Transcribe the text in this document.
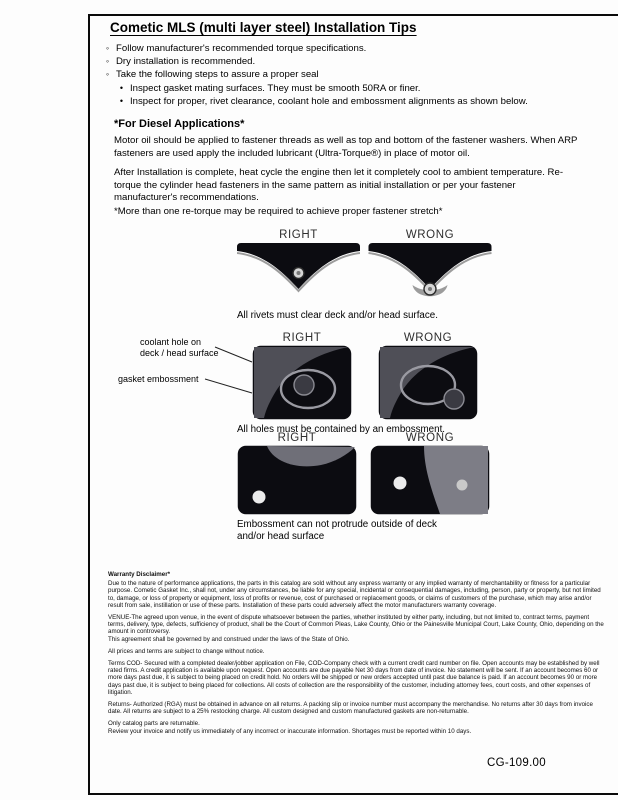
Cometic MLS (multi layer steel) Installation Tips
◦ Follow manufacturer's recommended torque specifications.
◦ Dry installation is recommended.
◦ Take the following steps to assure a proper seal
• Inspect gasket mating surfaces. They must be smooth 50RA or finer.
• Inspect for proper, rivet clearance, coolant hole and embossment alignments as shown below.
*For Diesel Applications*
Motor oil should be applied to fastener threads as well as top and bottom of the fastener washers. When ARP fasteners are used apply the included lubricant (Ultra-Torque®) in place of motor oil.
After Installation is complete, heat cycle the engine then let it completely cool to ambient temperature. Re-torque the cylinder head fasteners in the same pattern as initial installation or per your fastener manufacturer's recommendations.
*More than one re-torque may be required to achieve proper fastener stretch*
RIGHT	WRONG
All rivets must clear deck and/or head surface.
RIGHT	WRONG
coolant hole on
deck / head surface
gasket embossment
All holes must be contained by an embossment.
RIGHT	WRONG
Embossment can not protrude outside of deck
and/or head surface
Warranty Disclaimer*

Due to the nature of performance applications, the parts in this catalog are sold without any express warranty or any implied warranty of merchantability or fitness for a particular purpose. Cometic Gasket Inc., shall not, under any circumstances, be liable for any special, incidental or consequential damages, including, person, party or property, but not limited to, damage, or loss of property or equipment, loss of profits or revenue, cost of purchased or replacement goods, or claims of customers of the purchase, which may arise and/or result from sale, instillation or use of these parts. Installation of these parts could adversely affect the motor manufacturers warranty coverage.

VENUE-The agreed upon venue, in the event of dispute whatsoever between the parties, whether instituted by either party, including, but not limited to, contract terms, payment terms, delivery, type, defects, sufficiency of product, shall be the Court of Common Pleas, Lake County, Ohio or the Painesville Municipal Court, Lake County, Ohio, depending on the amount in controversy.

This agreement shall be governed by and construed under the laws of the State of Ohio.

All prices and terms are subject to change without notice.

Terms COD- Secured with a completed dealer/jobber application on File, COD-Company check with a current credit card number on file. Open accounts may be established by well rated firms. A credit application is available upon request. Open accounts are due payable Net 30 days from date of invoice. No statement will be sent. If an account becomes 60 or more days past due, it is subject to being placed on credit hold. No orders will be shipped or new orders accepted until past due balance is paid. If an account becomes 90 or more days past due, it is subject to being placed for collections. All costs of collection are the responsibility of the customer, including attorney fees, court costs, and other expenses of litigation.

Returns- Authorized (RGA) must be obtained in advance on all returns. A packing slip or invoice number must accompany the merchandise. No returns after 30 days from invoice date. All returns are subject to a 25% restocking charge. All custom designed and custom manufactured gaskets are non-returnable.

Only catalog parts are returnable.

Review your invoice and notify us immediately of any incorrect or inaccurate information. Shortages must be reported within 10 days.

CG-109.00
